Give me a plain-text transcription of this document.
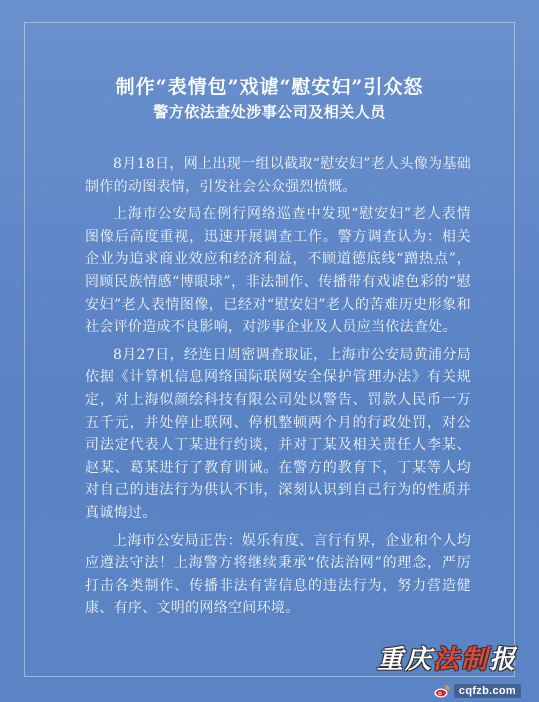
制作“表情包”戏谑“慰安妇”引众怒
警方依法查处涉事公司及相关人员

8月18日，网上出现一组以截取“慰安妇”老人头像为基础制作的动图表情，引发社会公众强烈愤慨。

上海市公安局在例行网络巡查中发现“慰安妇”老人表情图像后高度重视，迅速开展调查工作。警方调查认为：相关企业为追求商业效应和经济利益，不顾道德底线“蹭热点”，罔顾民族情感“博眼球”，非法制作、传播带有戏谑色彩的“慰安妇”老人表情图像，已经对“慰安妇”老人的苦难历史形象和社会评价造成不良影响，对涉事企业及人员应当依法查处。

8月27日，经连日周密调查取证，上海市公安局黄浦分局依据《计算机信息网络国际联网安全保护管理办法》有关规定，对上海似颜绘科技有限公司处以警告、罚款人民币一万五千元，并处停止联网、停机整顿两个月的行政处罚，对公司法定代表人丁某进行约谈，并对丁某及相关责任人李某、赵某、葛某进行了教育训诫。在警方的教育下，丁某等人均对自己的违法行为供认不讳，深刻认识到自己行为的性质并真诚悔过。

上海市公安局正告：娱乐有度、言行有界，企业和个人均应遵法守法！上海警方将继续秉承“依法治网”的理念，严厉打击各类制作、传播非法有害信息的违法行为，努力营造健康、有序、文明的网络空间环境。

重庆法制报
cqfzb.com
